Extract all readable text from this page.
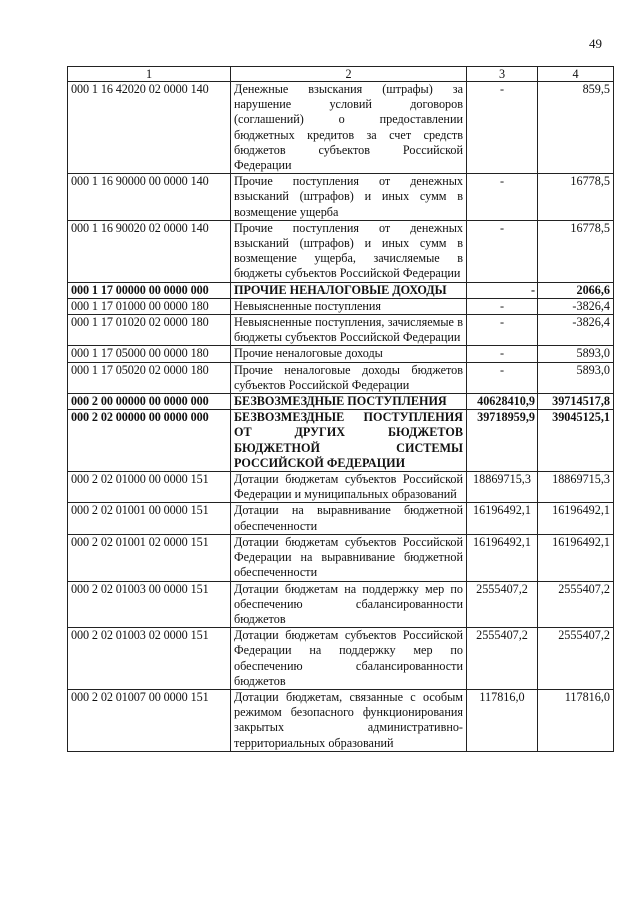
49
1	2	3	4
000 1 16 42020 02 0000 140	Денежные взыскания (штрафы) за нарушение условий договоров (соглашений) о предоставлении бюджетных кредитов за счет средств бюджетов субъектов Российской Федерации	-	859,5
000 1 16 90000 00 0000 140	Прочие поступления от денежных взысканий (штрафов) и иных сумм в возмещение ущерба	-	16778,5
000 1 16 90020 02 0000 140	Прочие поступления от денежных взысканий (штрафов) и иных сумм в возмещение ущерба, зачисляемые в бюджеты субъектов Российской Федерации	-	16778,5
000 1 17 00000 00 0000 000	ПРОЧИЕ НЕНАЛОГОВЫЕ ДОХОДЫ	-	2066,6
000 1 17 01000 00 0000 180	Невыясненные поступления	-	-3826,4
000 1 17 01020 02 0000 180	Невыясненные поступления, зачисляемые в бюджеты субъектов Российской Федерации	-	-3826,4
000 1 17 05000 00 0000 180	Прочие неналоговые доходы	-	5893,0
000 1 17 05020 02 0000 180	Прочие неналоговые доходы бюджетов субъектов Российской Федерации	-	5893,0
000 2 00 00000 00 0000 000	БЕЗВОЗМЕЗДНЫЕ ПОСТУПЛЕНИЯ	40628410,9	39714517,8
000 2 02 00000 00 0000 000	БЕЗВОЗМЕЗДНЫЕ ПОСТУПЛЕНИЯ ОТ ДРУГИХ БЮДЖЕТОВ БЮДЖЕТНОЙ СИСТЕМЫ РОССИЙСКОЙ ФЕДЕРАЦИИ	39718959,9	39045125,1
000 2 02 01000 00 0000 151	Дотации бюджетам субъектов Российской Федерации и муниципальных образований	18869715,3	18869715,3
000 2 02 01001 00 0000 151	Дотации на выравнивание бюджетной обеспеченности	16196492,1	16196492,1
000 2 02 01001 02 0000 151	Дотации бюджетам субъектов Российской Федерации на выравнивание бюджетной обеспеченности	16196492,1	16196492,1
000 2 02 01003 00 0000 151	Дотации бюджетам на поддержку мер по обеспечению сбалансированности бюджетов	2555407,2	2555407,2
000 2 02 01003 02 0000 151	Дотации бюджетам субъектов Российской Федерации на поддержку мер по обеспечению сбалансированности бюджетов	2555407,2	2555407,2
000 2 02 01007 00 0000 151	Дотации бюджетам, связанные с особым режимом безопасного функционирования закрытых административно-территориальных образований	117816,0	117816,0
